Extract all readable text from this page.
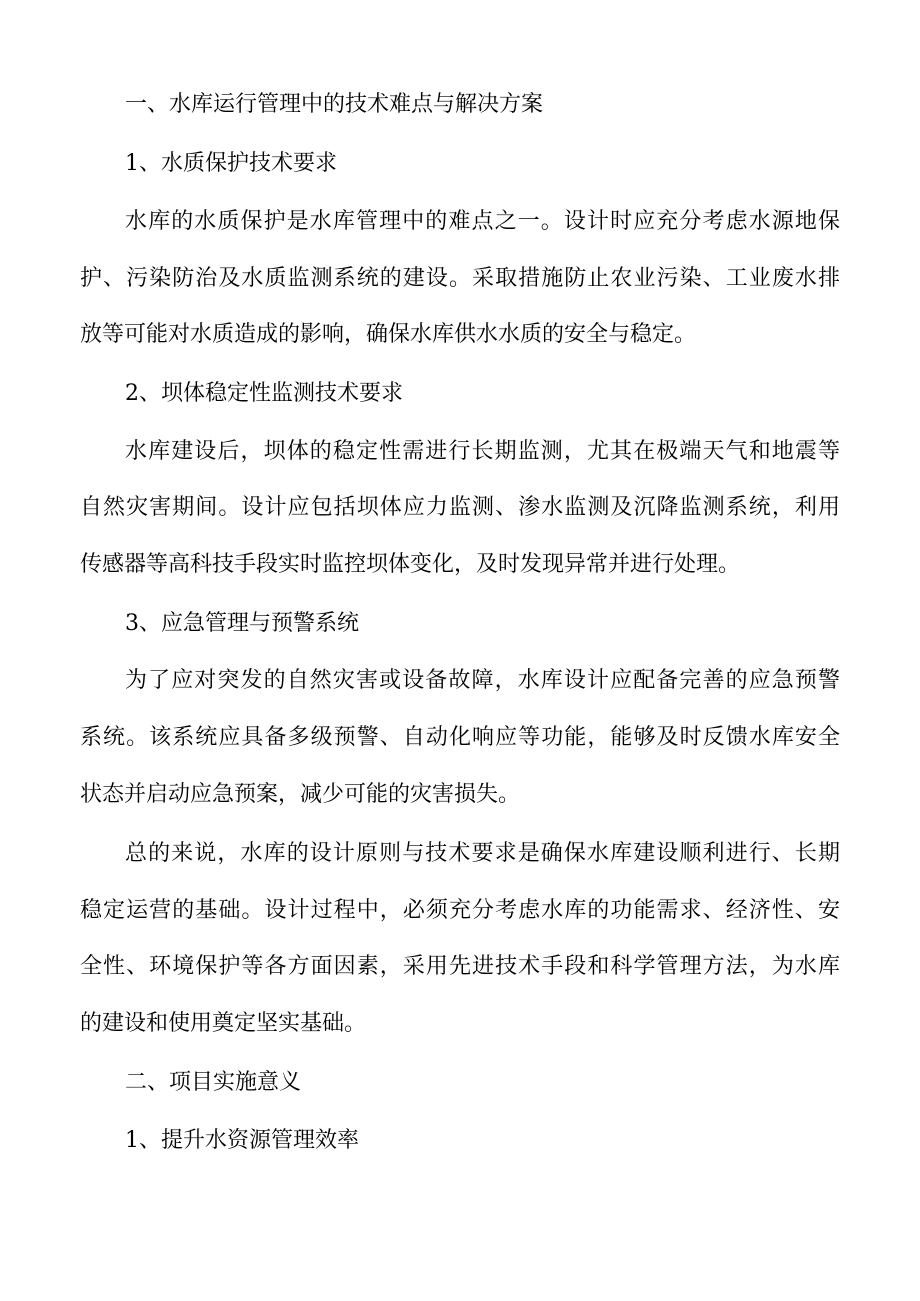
一、水库运行管理中的技术难点与解决方案
1、水质保护技术要求
水库的水质保护是水库管理中的难点之一。设计时应充分考虑水源地保
护、污染防治及水质监测系统的建设。采取措施防止农业污染、工业废水排
放等可能对水质造成的影响，确保水库供水水质的安全与稳定。
2、坝体稳定性监测技术要求
水库建设后，坝体的稳定性需进行长期监测，尤其在极端天气和地震等
自然灾害期间。设计应包括坝体应力监测、渗水监测及沉降监测系统，利用
传感器等高科技手段实时监控坝体变化，及时发现异常并进行处理。
3、应急管理与预警系统
为了应对突发的自然灾害或设备故障，水库设计应配备完善的应急预警
系统。该系统应具备多级预警、自动化响应等功能，能够及时反馈水库安全
状态并启动应急预案，减少可能的灾害损失。
总的来说，水库的设计原则与技术要求是确保水库建设顺利进行、长期
稳定运营的基础。设计过程中，必须充分考虑水库的功能需求、经济性、安
全性、环境保护等各方面因素，采用先进技术手段和科学管理方法，为水库
的建设和使用奠定坚实基础。
二、项目实施意义
1、提升水资源管理效率
